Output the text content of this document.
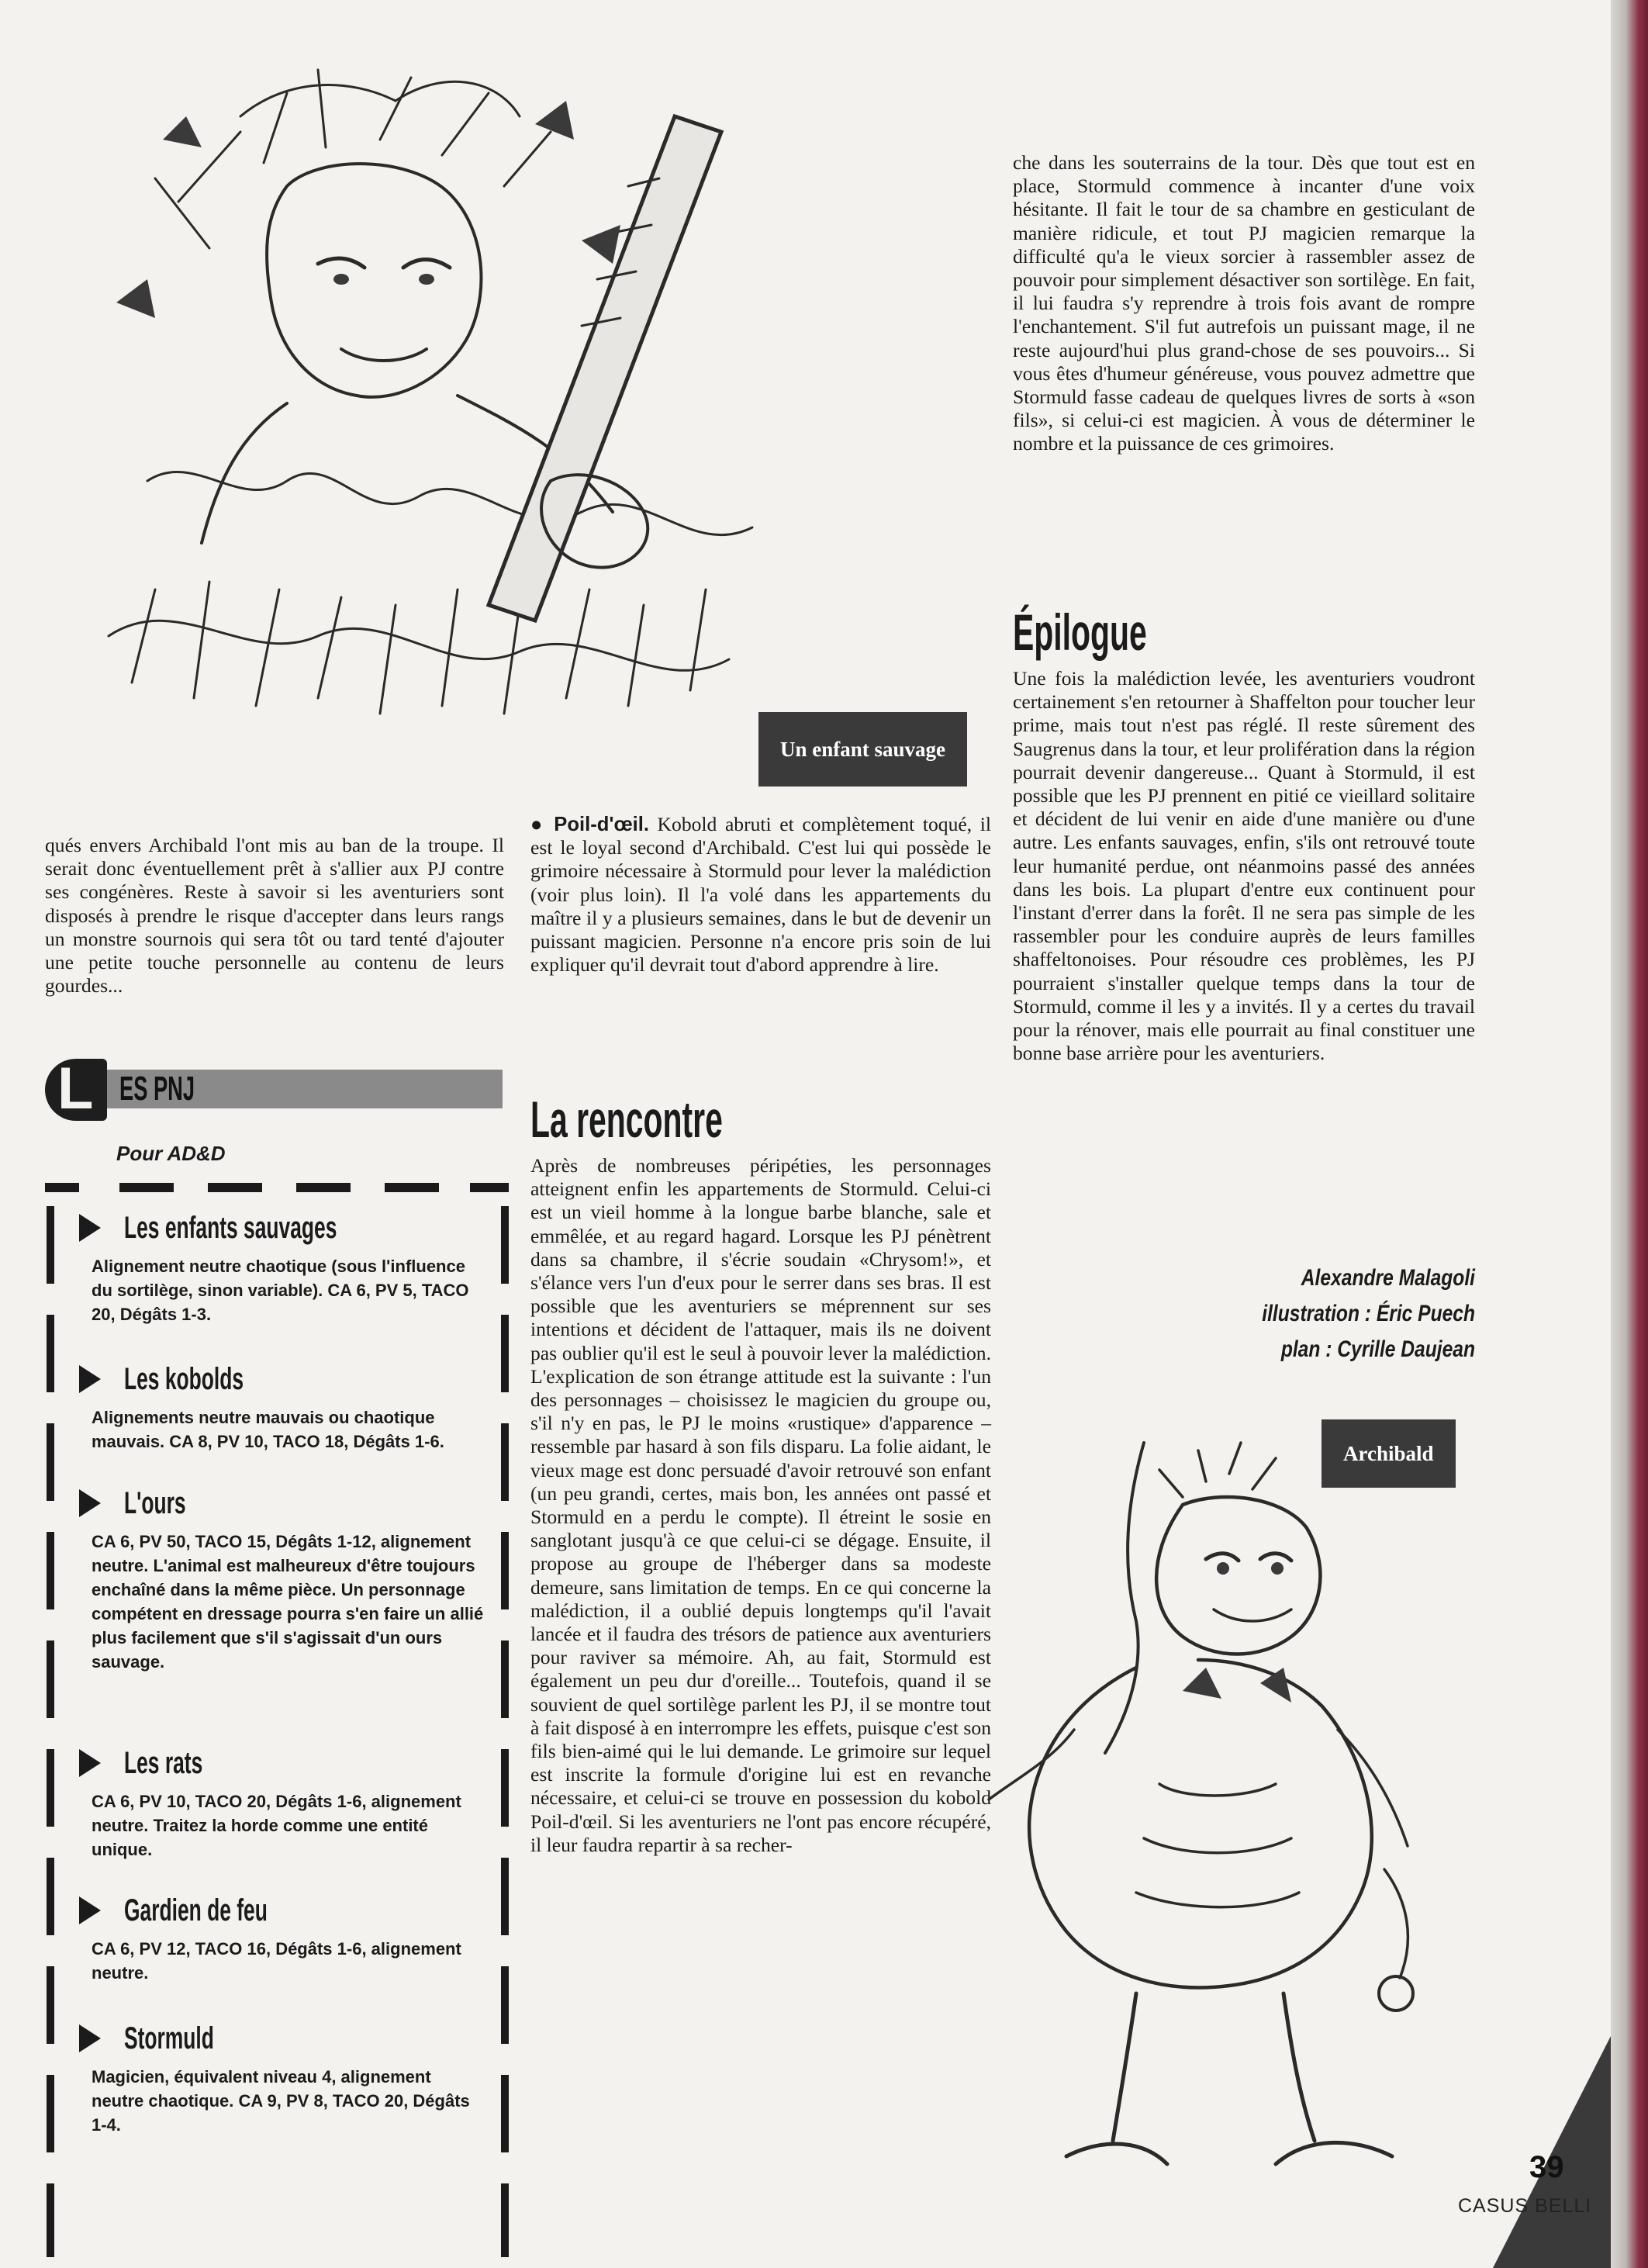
Un enfant sauvage

qués envers Archibald l'ont mis au ban de la troupe. Il serait donc éventuellement prêt à s'allier aux PJ contre ses congénères. Reste à savoir si les aventuriers sont disposés à prendre le risque d'accepter dans leurs rangs un monstre sournois qui sera tôt ou tard tenté d'ajouter une petite touche personnelle au contenu de leurs gourdes...

L ES PNJ
Pour AD&D
Les enfants sauvages
Alignement neutre chaotique (sous l'influence du sortilège, sinon variable). CA 6, PV 5, TACO 20, Dégâts 1-3.
Les kobolds
Alignements neutre mauvais ou chaotique mauvais. CA 8, PV 10, TACO 18, Dégâts 1-6.
L'ours
CA 6, PV 50, TACO 15, Dégâts 1-12, alignement neutre. L'animal est malheureux d'être toujours enchaîné dans la même pièce. Un personnage compétent en dressage pourra s'en faire un allié plus facilement que s'il s'agissait d'un ours sauvage.
Les rats
CA 6, PV 10, TACO 20, Dégâts 1-6, alignement neutre. Traitez la horde comme une entité unique.
Gardien de feu
CA 6, PV 12, TACO 16, Dégâts 1-6, alignement neutre.
Stormuld
Magicien, équivalent niveau 4, alignement neutre chaotique. CA 9, PV 8, TACO 20, Dégâts 1-4.

● Poil-d'œil. Kobold abruti et complètement toqué, il est le loyal second d'Archibald. C'est lui qui possède le grimoire nécessaire à Stormuld pour lever la malédiction (voir plus loin). Il l'a volé dans les appartements du maître il y a plusieurs semaines, dans le but de devenir un puissant magicien. Personne n'a encore pris soin de lui expliquer qu'il devrait tout d'abord apprendre à lire.

La rencontre

Après de nombreuses péripéties, les personnages atteignent enfin les appartements de Stormuld. Celui-ci est un vieil homme à la longue barbe blanche, sale et emmêlée, et au regard hagard. Lorsque les PJ pénètrent dans sa chambre, il s'écrie soudain «Chrysom!», et s'élance vers l'un d'eux pour le serrer dans ses bras. Il est possible que les aventuriers se méprennent sur ses intentions et décident de l'attaquer, mais ils ne doivent pas oublier qu'il est le seul à pouvoir lever la malédiction. L'explication de son étrange attitude est la suivante : l'un des personnages – choisissez le magicien du groupe ou, s'il n'y en pas, le PJ le moins «rustique» d'apparence – ressemble par hasard à son fils disparu. La folie aidant, le vieux mage est donc persuadé d'avoir retrouvé son enfant (un peu grandi, certes, mais bon, les années ont passé et Stormuld en a perdu le compte). Il étreint le sosie en sanglotant jusqu'à ce que celui-ci se dégage. Ensuite, il propose au groupe de l'héberger dans sa modeste demeure, sans limitation de temps. En ce qui concerne la malédiction, il a oublié depuis longtemps qu'il l'avait lancée et il faudra des trésors de patience aux aventuriers pour raviver sa mémoire. Ah, au fait, Stormuld est également un peu dur d'oreille... Toutefois, quand il se souvient de quel sortilège parlent les PJ, il se montre tout à fait disposé à en interrompre les effets, puisque c'est son fils bien-aimé qui le lui demande. Le grimoire sur lequel est inscrite la formule d'origine lui est en revanche nécessaire, et celui-ci se trouve en possession du kobold Poil-d'œil. Si les aventuriers ne l'ont pas encore récupéré, il leur faudra repartir à sa recher-

che dans les souterrains de la tour. Dès que tout est en place, Stormuld commence à incanter d'une voix hésitante. Il fait le tour de sa chambre en gesticulant de manière ridicule, et tout PJ magicien remarque la difficulté qu'a le vieux sorcier à rassembler assez de pouvoir pour simplement désactiver son sortilège. En fait, il lui faudra s'y reprendre à trois fois avant de rompre l'enchantement. S'il fut autrefois un puissant mage, il ne reste aujourd'hui plus grand-chose de ses pouvoirs... Si vous êtes d'humeur généreuse, vous pouvez admettre que Stormuld fasse cadeau de quelques livres de sorts à «son fils», si celui-ci est magicien. À vous de déterminer le nombre et la puissance de ces grimoires.

Épilogue

Une fois la malédiction levée, les aventuriers voudront certainement s'en retourner à Shaffelton pour toucher leur prime, mais tout n'est pas réglé. Il reste sûrement des Saugrenus dans la tour, et leur prolifération dans la région pourrait devenir dangereuse... Quant à Stormuld, il est possible que les PJ prennent en pitié ce vieillard solitaire et décident de lui venir en aide d'une manière ou d'une autre. Les enfants sauvages, enfin, s'ils ont retrouvé toute leur humanité perdue, ont néanmoins passé des années dans les bois. La plupart d'entre eux continuent pour l'instant d'errer dans la forêt. Il ne sera pas simple de les rassembler pour les conduire auprès de leurs familles shaffeltonoises. Pour résoudre ces problèmes, les PJ pourraient s'installer quelque temps dans la tour de Stormuld, comme il les y a invités. Il y a certes du travail pour la rénover, mais elle pourrait au final constituer une bonne base arrière pour les aventuriers.

Alexandre Malagoli
illustration : Éric Puech
plan : Cyrille Daujean
Archibald
39
CASUS BELLI
